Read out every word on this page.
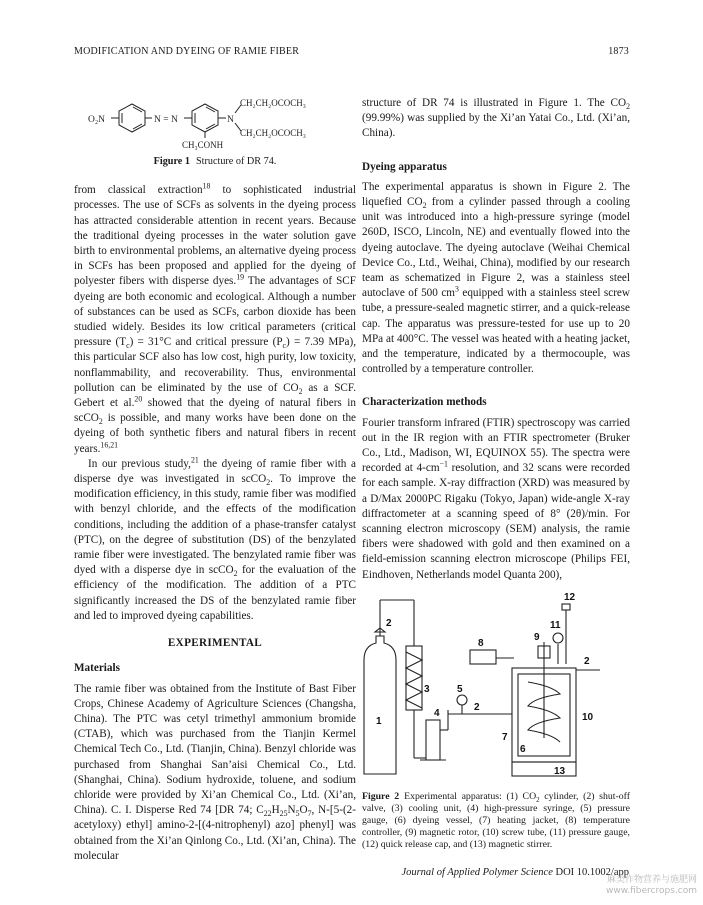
MODIFICATION AND DYEING OF RAMIE FIBER	1873
O₂N	N = N	N
CH₂CH₂OCOCH₃
CH₂CH₂OCOCH₃
CH₃CONH
Figure 1 Structure of DR 74.

from classical extraction$^{18}$ to sophisticated industrial processes. The use of SCFs as solvents in the dyeing process has attracted considerable attention in recent years. Because the traditional dyeing processes in the water solution gave birth to environmental problems, an alternative dyeing process in SCFs has been proposed and applied for the dyeing of polyester fibers with disperse dyes.$^{19}$ The advantages of SCF dyeing are both economic and ecological. Although a number of substances can be used as SCFs, carbon dioxide has been studied widely. Besides its low critical parameters (critical pressure $(T_c) = 31^\circ C$ and critical pressure $(P_c) = 7.39$ MPa), this particular SCF also has low cost, high purity, low toxicity, nonflammability, and recoverability. Thus, environmental pollution can be eliminated by the use of $CO_2$ as a SCF. Gebert et al.$^{20}$ showed that the dyeing of natural fibers in scCO$_2$ is possible, and many works have been done on the dyeing of both synthetic fibers and natural fibers in recent years.$^{16,21}$

In our previous study,$^{21}$ the dyeing of ramie fiber with a disperse dye was investigated in scCO$_2$. To improve the modification efficiency, in this study, ramie fiber was modified with benzyl chloride, and the effects of the modification conditions, including the addition of a phase-transfer catalyst (PTC), on the degree of substitution (DS) of the benzylated ramie fiber were investigated. The benzylated ramie fiber was dyed with a disperse dye in scCO$_2$ for the evaluation of the efficiency of the modification. The addition of a PTC significantly increased the DS of the benzylated ramie fiber and led to improved dyeing capabilities.

EXPERIMENTAL
Materials

The ramie fiber was obtained from the Institute of Bast Fiber Crops, Chinese Academy of Agriculture Sciences (Changsha, China). The PTC was cetyl trimethyl ammonium bromide (CTAB), which was purchased from the Tianjin Kermel Chemical Tech Co., Ltd. (Tianjin, China). Benzyl chloride was purchased from Shanghai San’aisi Chemical Co., Ltd. (Shanghai, China). Sodium hydroxide, toluene, and sodium chloride were provided by Xi’an Chemical Co., Ltd. (Xi’an, China). C. I. Disperse Red 74 [DR 74; $C_{22}H_{25}N_5O_7$, N-[5-(2-acetyloxy) ethyl] amino-2-[(4-nitrophenyl) azo] phenyl] was obtained from the Xi’an Qinlong Co., Ltd. (Xi’an, China). The molecular

structure of DR 74 is illustrated in Figure 1. The $CO_2$ (99.99%) was supplied by the Xi’an Yatai Co., Ltd. (Xi’an, China).

Dyeing apparatus

The experimental apparatus is shown in Figure 2. The liquefied $CO_2$ from a cylinder passed through a cooling unit was introduced into a high-pressure syringe (model 260D, ISCO, Lincoln, NE) and eventually flowed into the dyeing autoclave. The dyeing autoclave (Weihai Chemical Device Co., Ltd., Weihai, China), modified by our research team as schematized in Figure 2, was a stainless steel autoclave of 500 $cm^3$ equipped with a stainless steel screw tube, a pressure-sealed magnetic stirrer, and a quick-release cap. The apparatus was pressure-tested for use up to 20 MPa at 400°C. The vessel was heated with a heating jacket, and the temperature, indicated by a thermocouple, was controlled by a temperature controller.

Characterization methods

Fourier transform infrared (FTIR) spectroscopy was carried out in the IR region with an FTIR spectrometer (Bruker Co., Ltd., Madison, WI, EQUINOX 55). The spectra were recorded at $4-cm^{-1}$ resolution, and 32 scans were recorded for each sample. X-ray diffraction (XRD) was measured by a D/Max 2000PC Rigaku (Tokyo, Japan) wide-angle X-ray diffractometer at a scanning speed of 8° (2θ)/min. For scanning electron microscopy (SEM) analysis, the ramie fibers were shadowed with gold and then examined on a field-emission scanning electron microscope (Philips FEI, Eindhoven, Netherlands model Quanta 200),

1
2
3
4
5
2
6
7
8
9
10
11
12
2
13
Figure 2 Experimental apparatus: (1) $CO_2$ cylinder, (2) shut-off valve, (3) cooling unit, (4) high-pressure syringe, (5) pressure gauge, (6) dyeing vessel, (7) heating jacket, (8) temperature controller, (9) magnetic rotor, (10) screw tube, (11) pressure gauge, (12) quick release cap, and (13) magnetic stirrer.
Journal of Applied Polymer Science DOI 10.1002/app
麻类作物营养与施肥网
www.fibercrops.com
